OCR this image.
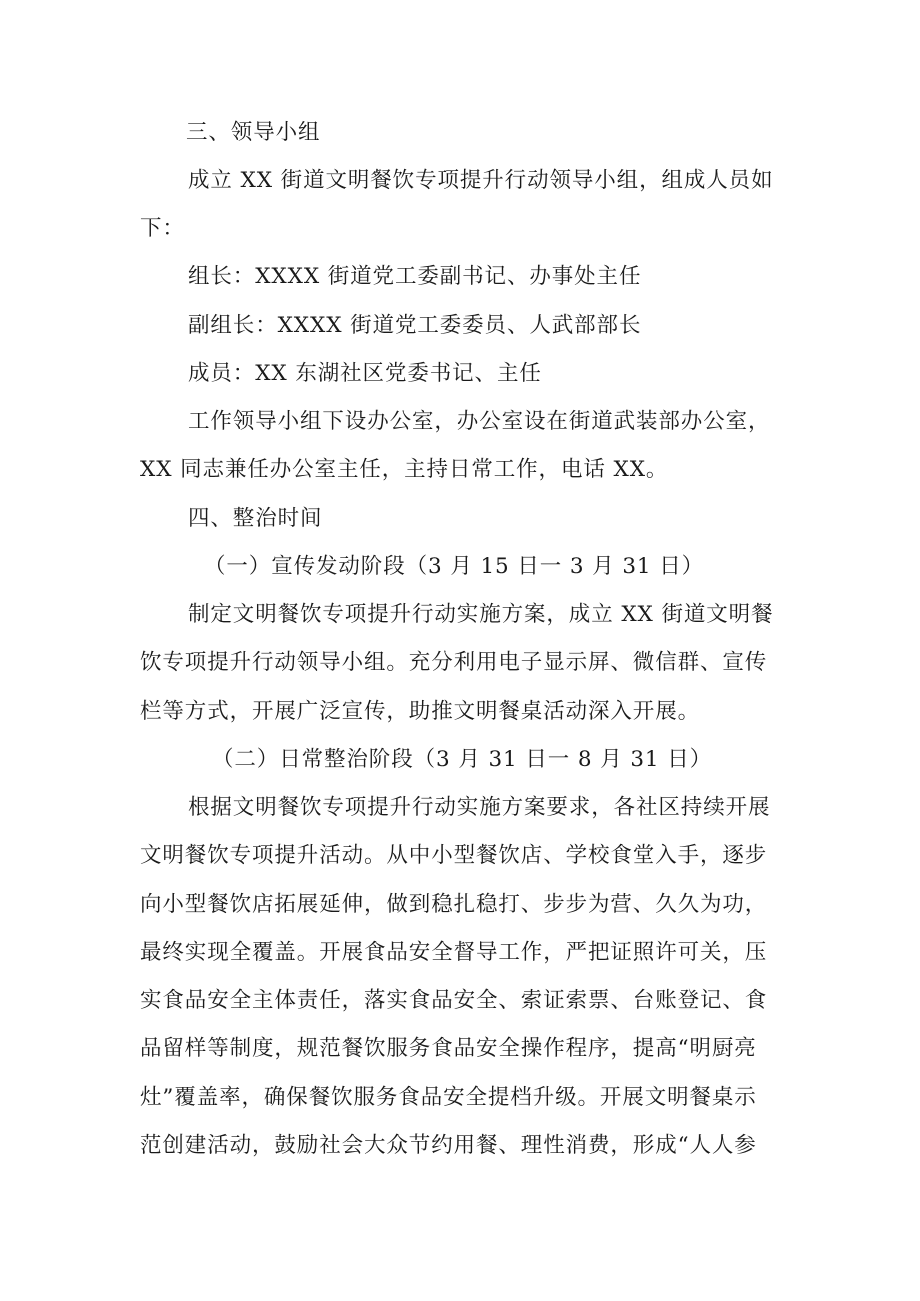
三、领导小组
成立 XX 街道文明餐饮专项提升行动领导小组，组成人员如
下：
组长：XXXX 街道党工委副书记、办事处主任
副组长：XXXX 街道党工委委员、人武部部长
成员：XX 东湖社区党委书记、主任
工作领导小组下设办公室，办公室设在街道武装部办公室，
XX 同志兼任办公室主任，主持日常工作，电话 XX。
四、整治时间
（一）宣传发动阶段（3 月 15 日一 3 月 31 日）
制定文明餐饮专项提升行动实施方案，成立 XX 街道文明餐
饮专项提升行动领导小组。充分利用电子显示屏、微信群、宣传
栏等方式，开展广泛宣传，助推文明餐桌活动深入开展。
（二）日常整治阶段（3 月 31 日一 8 月 31 日）
根据文明餐饮专项提升行动实施方案要求，各社区持续开展
文明餐饮专项提升活动。从中小型餐饮店、学校食堂入手，逐步
向小型餐饮店拓展延伸，做到稳扎稳打、步步为营、久久为功，
最终实现全覆盖。开展食品安全督导工作，严把证照许可关，压
实食品安全主体责任，落实食品安全、索证索票、台账登记、食
品留样等制度，规范餐饮服务食品安全操作程序，提高“明厨亮
灶”覆盖率，确保餐饮服务食品安全提档升级。开展文明餐桌示
范创建活动，鼓励社会大众节约用餐、理性消费，形成“人人参
